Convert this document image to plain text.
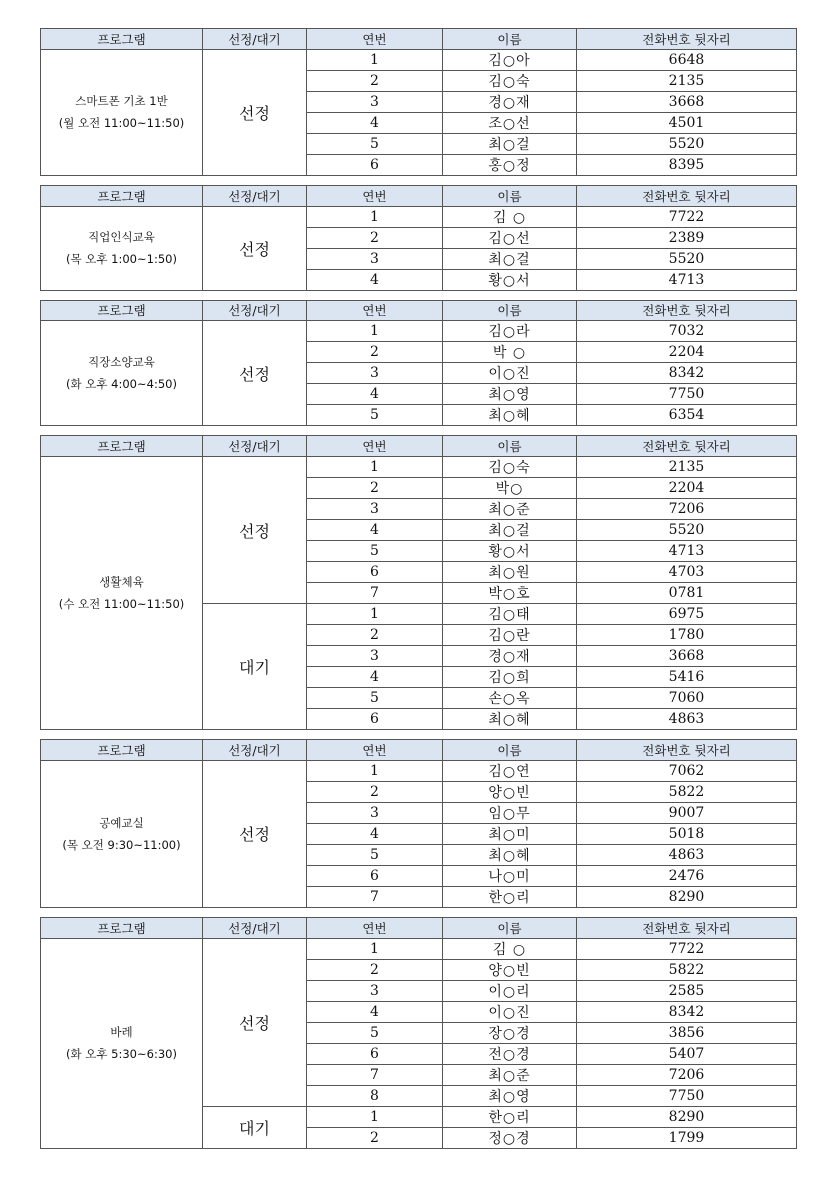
프로그램	선정/대기	연번	이름	전화번호 뒷자리

스마트폰 기초 1반
(월 오전 11:00~11:50)	선정	1	김○아	6648
		2	김○숙	2135
		3	경○재	3668
		4	조○선	4501
		5	최○걸	5520
		6	홍○정	8395
프로그램	선정/대기	연번	이름	전화번호 뒷자리

직업인식교육
(목 오후 1:00~1:50)	선정	1	김 ○	7722
		2	김○선	2389
		3	최○걸	5520
		4	황○서	4713
프로그램	선정/대기	연번	이름	전화번호 뒷자리

직장소양교육
(화 오후 4:00~4:50)	선정	1	김○라	7032
		2	박 ○	2204
		3	이○진	8342
		4	최○영	7750
		5	최○혜	6354
프로그램	선정/대기	연번	이름	전화번호 뒷자리

생활체육
(수 오전 11:00~11:50)	선정	1	김○숙	2135
		2	박○	2204
		3	최○준	7206
		4	최○걸	5520
		5	황○서	4713
		6	최○원	4703
		7	박○호	0781
	대기	1	김○태	6975
		2	김○란	1780
		3	경○재	3668
		4	김○희	5416
		5	손○옥	7060
		6	최○혜	4863
프로그램	선정/대기	연번	이름	전화번호 뒷자리

공예교실
(목 오전 9:30~11:00)	선정	1	김○연	7062
		2	양○빈	5822
		3	임○무	9007
		4	최○미	5018
		5	최○혜	4863
		6	나○미	2476
		7	한○리	8290
프로그램	선정/대기	연번	이름	전화번호 뒷자리

바레
(화 오후 5:30~6:30)	선정	1	김 ○	7722
		2	양○빈	5822
		3	이○리	2585
		4	이○진	8342
		5	장○경	3856
		6	전○경	5407
		7	최○준	7206
		8	최○영	7750
	대기	1	한○리	8290
		2	정○경	1799
